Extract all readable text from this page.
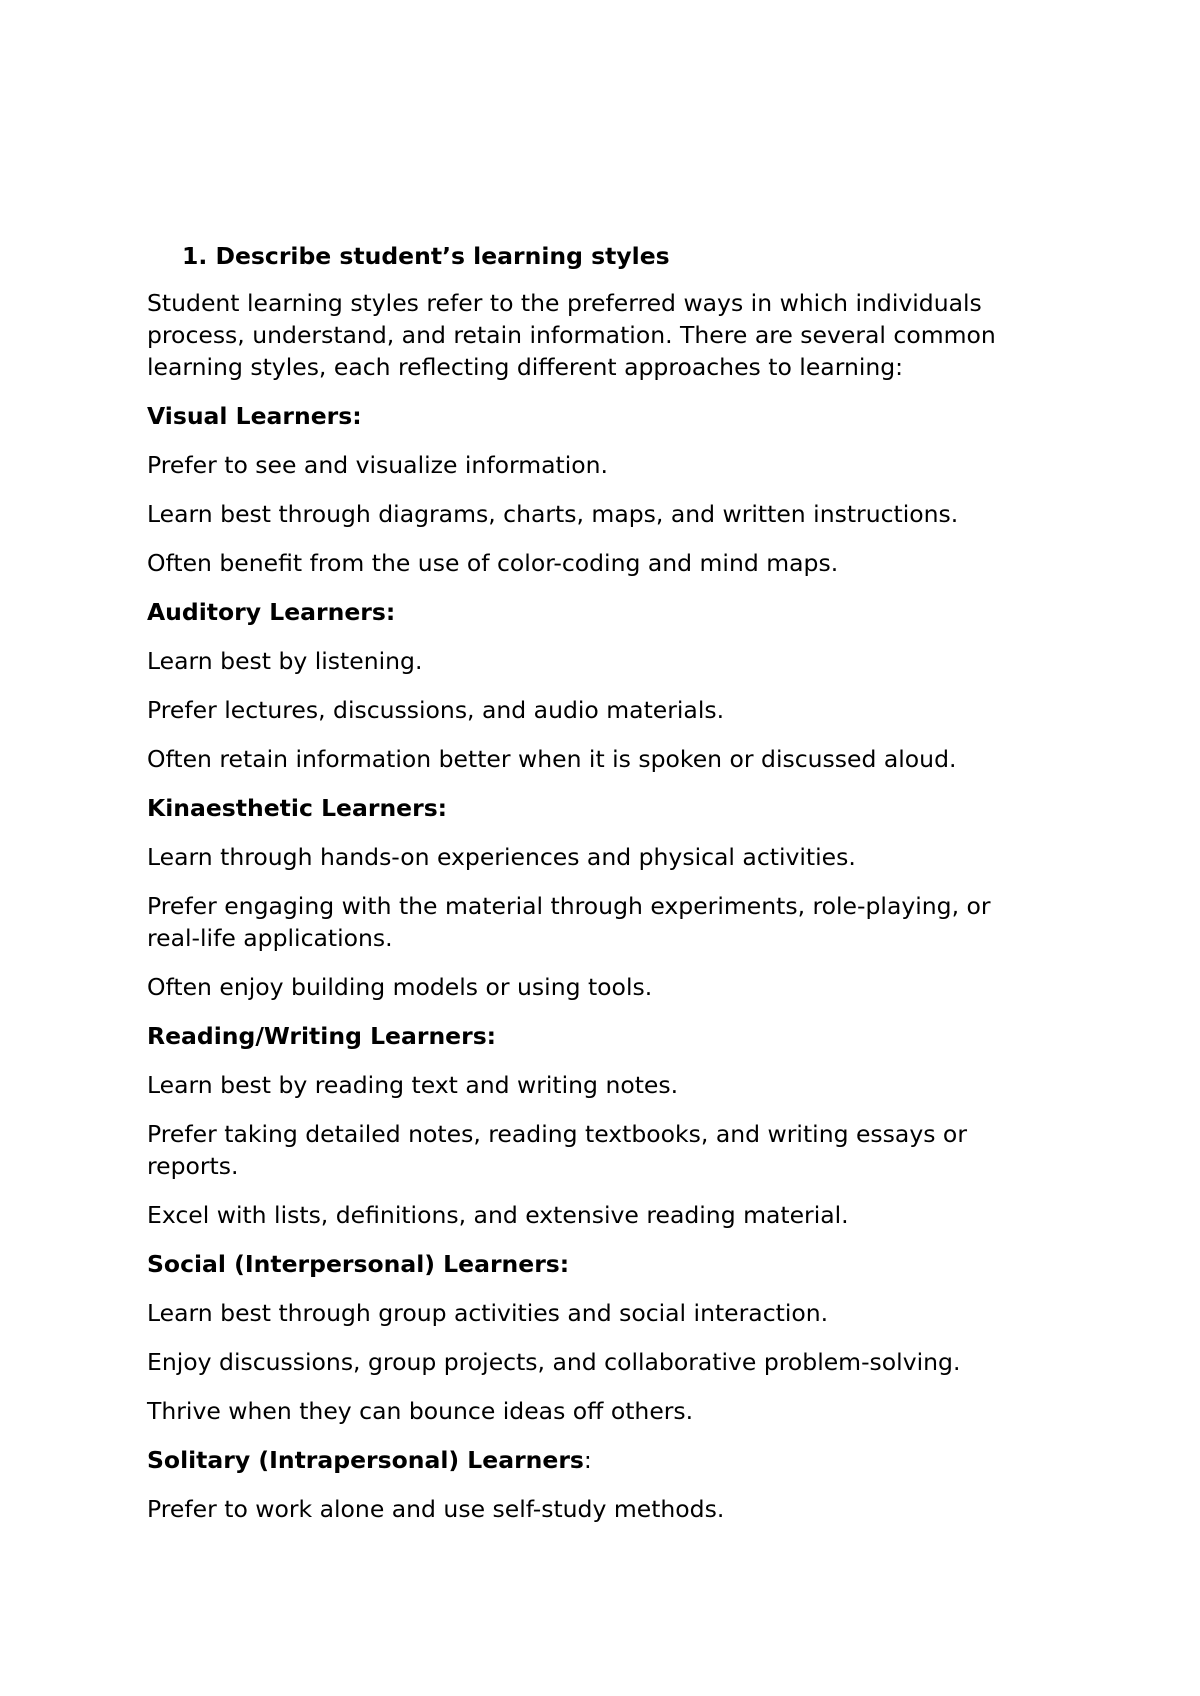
1. Describe student’s learning styles

Student learning styles refer to the preferred ways in which individuals process, understand, and retain information. There are several common learning styles, each reflecting different approaches to learning:

Visual Learners:

Prefer to see and visualize information.

Learn best through diagrams, charts, maps, and written instructions.

Often benefit from the use of color-coding and mind maps.

Auditory Learners:

Learn best by listening.

Prefer lectures, discussions, and audio materials.

Often retain information better when it is spoken or discussed aloud.

Kinaesthetic Learners:

Learn through hands-on experiences and physical activities.

Prefer engaging with the material through experiments, role-playing, or real-life applications.

Often enjoy building models or using tools.

Reading/Writing Learners:

Learn best by reading text and writing notes.

Prefer taking detailed notes, reading textbooks, and writing essays or reports.

Excel with lists, definitions, and extensive reading material.

Social (Interpersonal) Learners:

Learn best through group activities and social interaction.

Enjoy discussions, group projects, and collaborative problem-solving.

Thrive when they can bounce ideas off others.

Solitary (Intrapersonal) Learners:

Prefer to work alone and use self-study methods.
